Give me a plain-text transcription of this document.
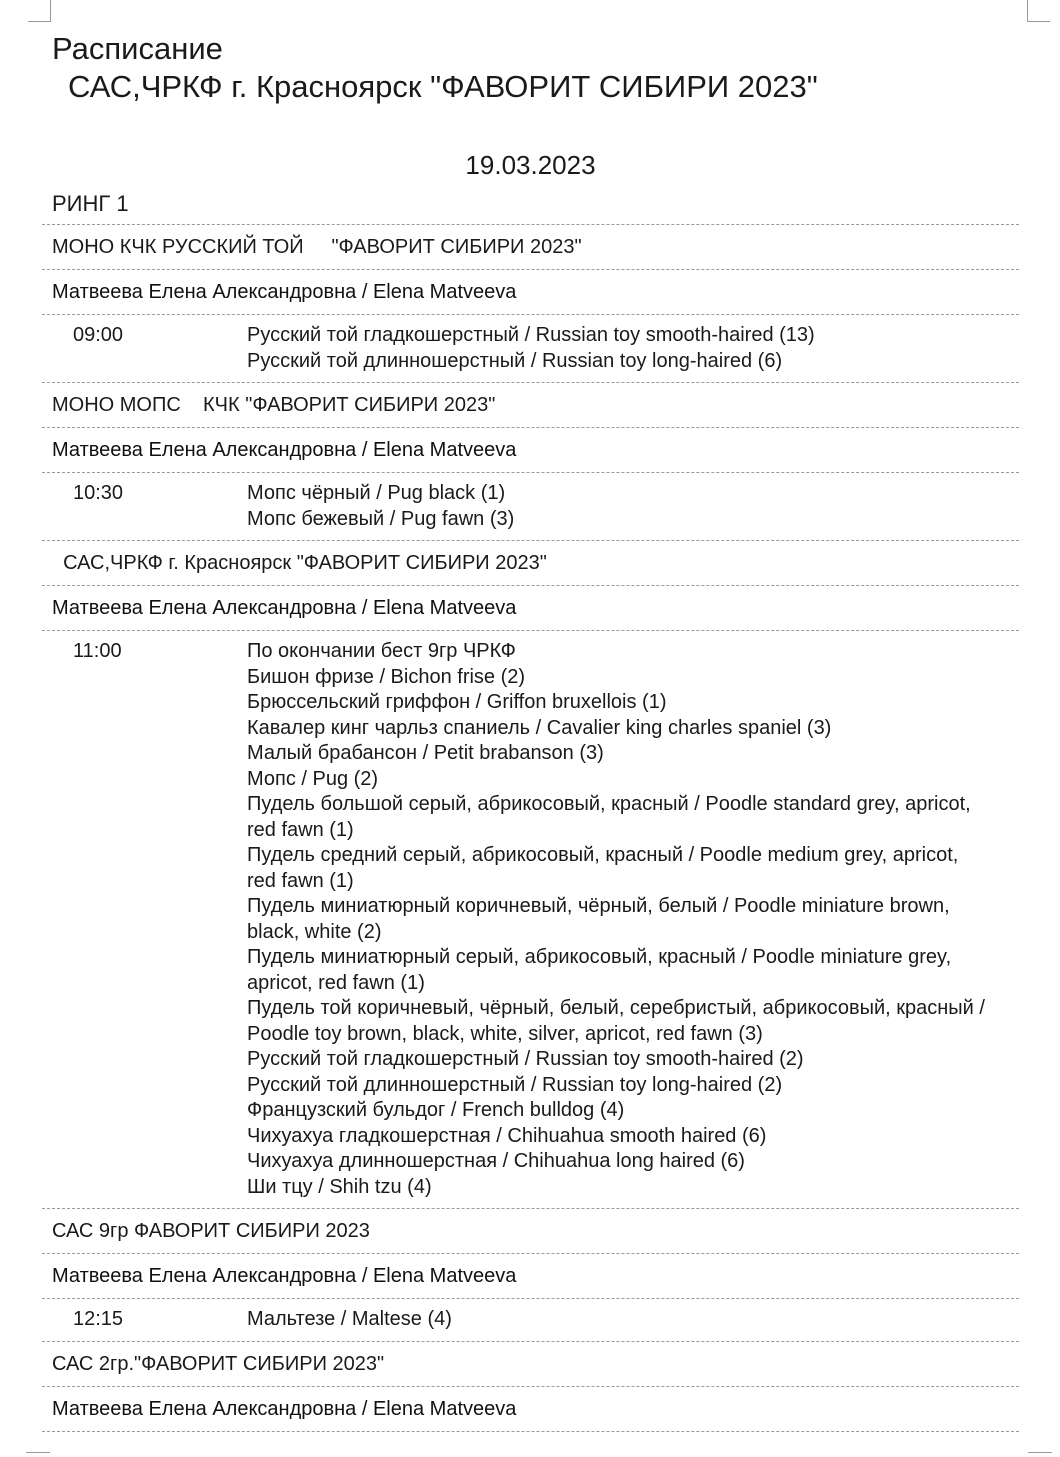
Расписание

САС,ЧРКФ г. Красноярск "ФАВОРИТ СИБИРИ 2023"
19.03.2023
РИНГ 1
МОНО КЧК РУССКИЙ ТОЙ     "ФАВОРИТ СИБИРИ 2023"
Матвеева Елена Александровна / Elena Matveeva
09:00	Русский той гладкошерстный / Russian toy smooth-haired (13)
Русский той длинношерстный / Russian toy long-haired (6)
МОНО МОПС    КЧК "ФАВОРИТ СИБИРИ 2023"
Матвеева Елена Александровна / Elena Matveeva
10:30	Мопс чёрный / Pug black (1)
Мопс бежевый / Pug fawn (3)
САС,ЧРКФ г. Красноярск "ФАВОРИТ СИБИРИ 2023"
Матвеева Елена Александровна / Elena Matveeva
11:00	По окончании бест 9гр ЧРКФ
Бишон фризе / Bichon frise (2)
Брюссельский гриффон / Griffon bruxellois (1)
Кавалер кинг чарльз спаниель / Cavalier king charles spaniel (3)
Малый брабансон / Petit brabanson (3)
Мопс / Pug (2)
Пудель большой серый, абрикосовый, красный / Poodle standard grey, apricot, red fawn (1)
Пудель средний серый, абрикосовый, красный / Poodle medium grey, apricot, red fawn (1)
Пудель миниатюрный коричневый, чёрный, белый / Poodle miniature brown, black, white (2)
Пудель миниатюрный серый, абрикосовый, красный / Poodle miniature grey, apricot, red fawn (1)
Пудель той коричневый, чёрный, белый, серебристый, абрикосовый, красный / Poodle toy brown, black, white, silver, apricot, red fawn (3)
Русский той гладкошерстный / Russian toy smooth-haired (2)
Русский той длинношерстный / Russian toy long-haired (2)
Французский бульдог / French bulldog (4)
Чихуахуа гладкошерстная / Chihuahua smooth haired (6)
Чихуахуа длинношерстная / Chihuahua long haired (6)
Ши тцу / Shih tzu (4)
САС 9гр ФАВОРИТ СИБИРИ 2023
Матвеева Елена Александровна / Elena Matveeva
12:15	Мальтезе / Maltese (4)
САС 2гр."ФАВОРИТ СИБИРИ 2023"
Матвеева Елена Александровна / Elena Matveeva
